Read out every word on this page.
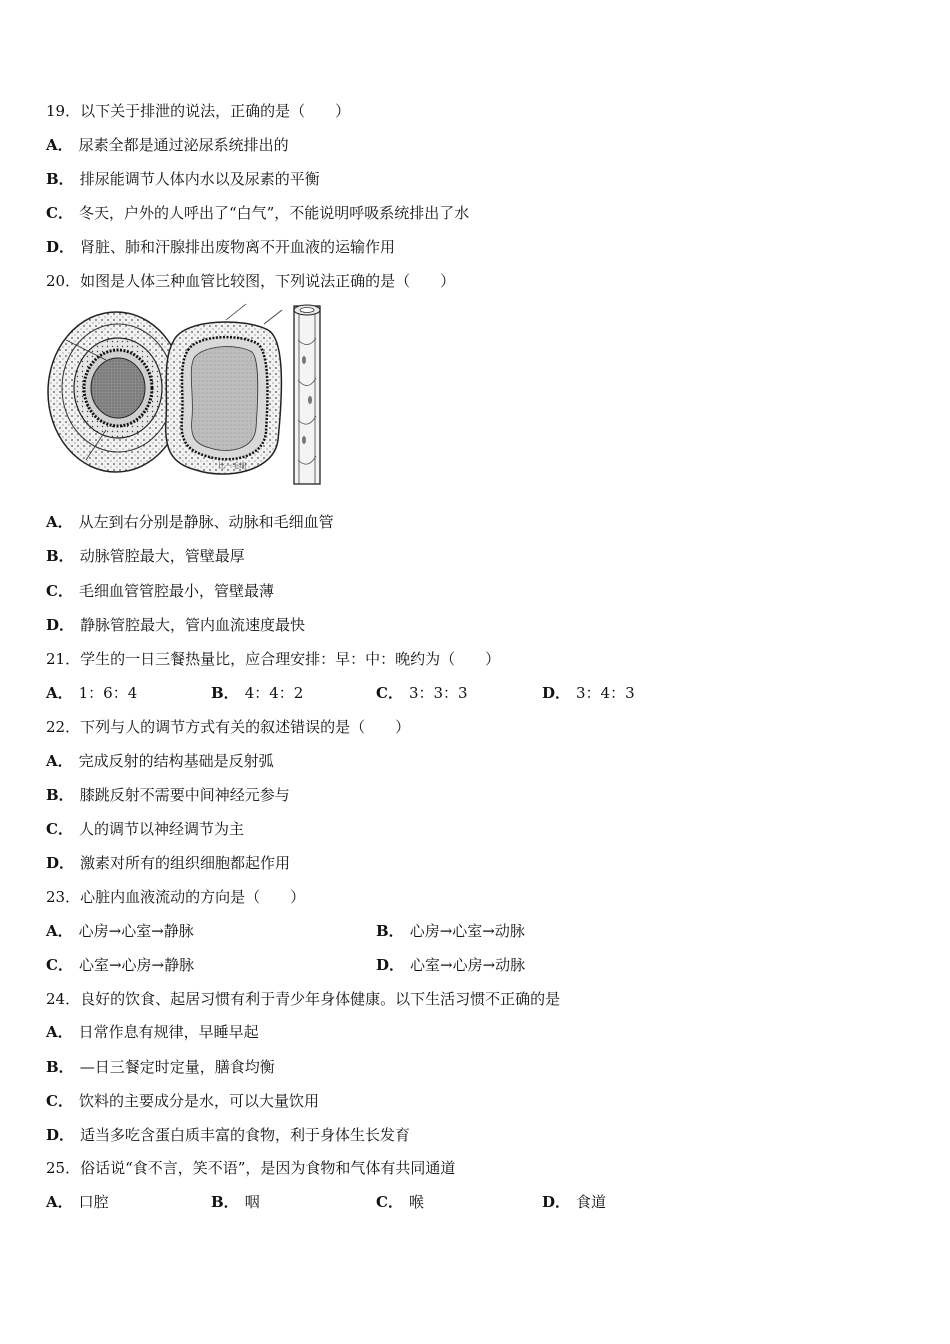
19．以下关于排泄的说法，正确的是（　　）
A． 尿素全都是通过泌尿系统排出的
B． 排尿能调节人体内水以及尿素的平衡
C． 冬天，户外的人呼出了“白气”，不能说明呼吸系统排出了水
D． 肾脏、肺和汗腺排出废物离不开血液的运输作用
20．如图是人体三种血管比较图，下列说法正确的是（　　）
比一毛细
A． 从左到右分别是静脉、动脉和毛细血管
B． 动脉管腔最大，管壁最厚
C． 毛细血管管腔最小，管壁最薄
D． 静脉管腔最大，管内血流速度最快
21．学生的一日三餐热量比，应合理安排：早：中：晚约为（　　）
A． 1：6：4	B． 4：4：2	C． 3：3：3	D． 3：4：3
22．下列与人的调节方式有关的叙述错误的是（　　）
A． 完成反射的结构基础是反射弧
B． 膝跳反射不需要中间神经元参与
C． 人的调节以神经调节为主
D． 激素对所有的组织细胞都起作用
23．心脏内血液流动的方向是（　　）
A． 心房→心室→静脉	B． 心房→心室→动脉
C． 心室→心房→静脉	D． 心室→心房→动脉
24．良好的饮食、起居习惯有利于青少年身体健康。以下生活习惯不正确的是
A． 日常作息有规律，早睡早起
B． —日三餐定时定量，膳食均衡
C． 饮料的主要成分是水，可以大量饮用
D． 适当多吃含蛋白质丰富的食物，利于身体生长发育
25．俗话说“食不言，笑不语”，是因为食物和气体有共同通道
A． 口腔	B． 咽	C． 喉	D． 食道
